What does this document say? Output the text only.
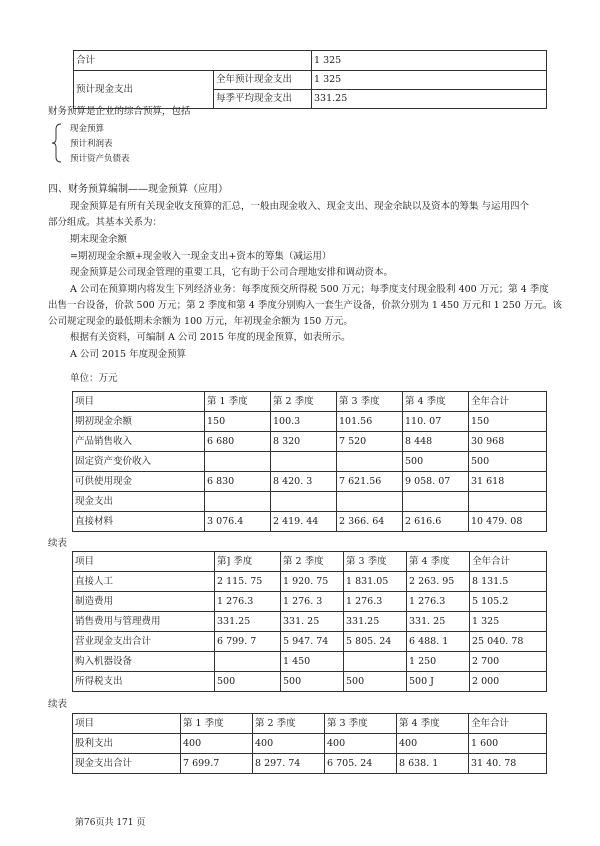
合计		1 325
预计现金支出	全年预计现金支出	1 325
	每季平均现金支出	331.25
财务预算是企业的综合预算，包括
现金预算
预计利润表
预计资产负债表
四、财务预算编制——现金预算（应用）
现金预算是有所有关现金收支预算的汇总，一般由现金收入、现金支出、现金余缺以及资本的筹集 与运用四个
部分组成。其基本关系为：
期末现金余额
=期初现金余额+现金收入一现金支出+资本的筹集（减运用）
现金预算是公司现金管理的重要工具，它有助于公司合理地安排和调动资本。
A 公司在预算期内将发生下列经济业务：每季度预交所得税 500 万元；每季度支付现金股利 400 万元；第 4 季度
出售一台设备，价款 500 万元；第 2 季度和第 4 季度分别购入一套生产设备，价款分别为 1 450 万元和 1 250 万元。该
公司规定现金的最低期未余额为 100 万元，年初现金余额为 150 万元。
根据有关资料，可编制 A 公司 2015 年度的现金预算，如表所示。
A 公司 2015 年度现金预算
单位：万元
项目	第 1 季度	第 2 季度	第 3 季度	第 4 季度	全年合计
期初现金余额	150	100.3	101.56	110. 07	150
产品销售收入	6 680	8 320	7 520	8 448	30 968
固定资产变价收入				500	500
可供使用现金	6 830	8 420. 3	7 621.56	9 058. 07	31 618
现金支出					
直接材料	3 076.4	2 419. 44	2 366. 64	2 616.6	10 479. 08
续表
项目	第] 季度	第 2 季度	第 3 季度	第 4 季度	全年合计
直接人工	2 115. 75	1 920. 75	1 831.05	2 263. 95	8 131.5
制造费用	1 276.3	1 276. 3	1 276.3	1 276.3	5 105.2
销售费用与管理费用	331.25	331. 25	331.25	331. 25	1 325
营业现金支出合计	6 799. 7	5 947. 74	5 805. 24	6 488. 1	25 040. 78
购入机器设备		1 450		1 250	2 700
所得税支出	500	500	500	500 J	2 000
续表
项目	第 1 季度	第 2 季度	第 3 季度	第 4 季度	全年合计
股利支出	400	400	400	400	1 600
现金支出合计	7 699.7	8 297. 74	6 705. 24	8 638. 1	31 40. 78
第76页共 171 页
